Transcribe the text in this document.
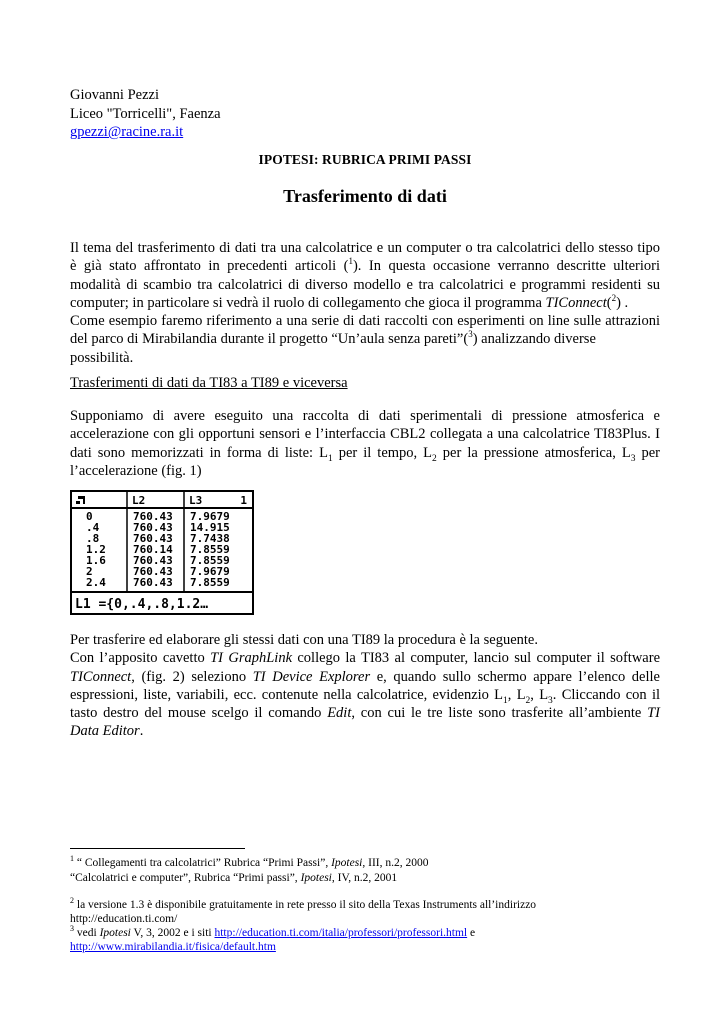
Giovanni Pezzi
Liceo "Torricelli", Faenza
gpezzi@racine.ra.it
IPOTESI: RUBRICA PRIMI PASSI
Trasferimento di dati
Il tema del trasferimento di dati tra una calcolatrice e un computer o tra calcolatrici dello stesso tipo
è già stato affrontato in precedenti articoli ($^1$). In questa occasione verranno descritte ulteriori
modalità di scambio tra calcolatrici di diverso modello e tra calcolatrici e programmi residenti su
computer; in particolare si vedrà il ruolo di collegamento che gioca il programma TIConnect($^2$) .
Come esempio faremo riferimento a una serie di dati raccolti con esperimenti on line sulle attrazioni
del parco di Mirabilandia durante il progetto “Un’aula senza pareti”($^3$) analizzando diverse
possibilità.
Trasferimenti di dati da TI83 a TI89 e viceversa
Supponiamo di avere eseguito una raccolta di dati sperimentali di pressione atmosferica e
accelerazione con gli opportuni sensori e l’interfaccia CBL2 collegata a una calcolatrice TI83Plus. I
dati sono memorizzati in forma di liste: $L_1$ per il tempo, $L_2$ per la pressione atmosferica, $L_3$ per
l’accelerazione (fig. 1)
L2	L3	1
0
.4
.8
1.2
1.6
2
2.4
760.43
760.43
760.43
760.14
760.43
760.43
760.43
7.9679
14.915
7.7438
7.8559
7.8559
7.9679
7.8559
L1 ={0,.4,.8,1.2…
Per trasferire ed elaborare gli stessi dati con una TI89 la procedura è la seguente.
Con l’apposito cavetto TI GraphLink collego la TI83 al computer, lancio sul computer il software
TIConnect, (fig. 2) seleziono TI Device Explorer e, quando sullo schermo appare l’elenco delle
espressioni, liste, variabili, ecc. contenute nella calcolatrice, evidenzio $L_1$, $L_2$, $L_3$. Cliccando con il
tasto destro del mouse scelgo il comando Edit, con cui le tre liste sono trasferite all’ambiente TI
Data Editor.
$^1$ “ Collegamenti tra calcolatrici” Rubrica “Primi Passi”, Ipotesi, III, n.2, 2000
“Calcolatrici e computer”, Rubrica “Primi passi”, Ipotesi, IV, n.2, 2001
$^2$ la versione 1.3 è disponibile gratuitamente in rete presso il sito della Texas Instruments all’indirizzo
http://education.ti.com/
$^3$ vedi Ipotesi V, 3, 2002 e i siti http://education.ti.com/italia/professori/professori.html e
http://www.mirabilandia.it/fisica/default.htm
